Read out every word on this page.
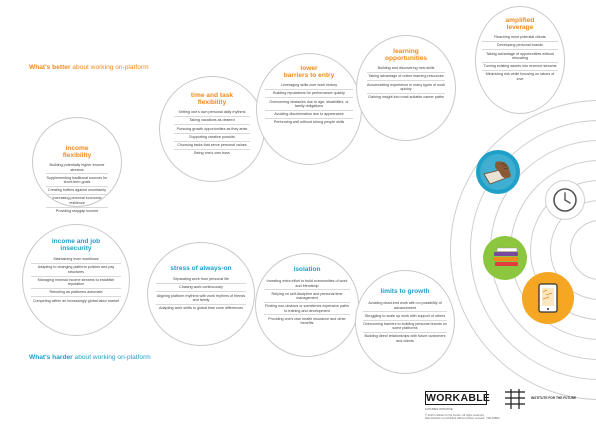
What's better about working on-platform
What's harder about working on-platform
income
flexibility
Building potentially higher income streams
Supplementing traditional sources for short-term goals
Creating buffers against uncertainty
Increasing personal economic resilience
Providing stopgap income
time and task
flexibility
Setting one's own personal daily rhythms
Taking vacations as desired
Pursuing growth opportunities as they arise
Supporting creative pursuits
Choosing tasks that serve personal values
Being one's own boss
lower
barriers to entry
Leveraging skills over work history
Building reputations for performance quickly
Overcoming obstacles due to age, disabilities, or family obligations
Avoiding discrimination due to appearance
Performing well without strong people skills
learning
opportunities
Building and discovering new skills
Taking advantage of online learning resources
Accumulating experience in many types of work quickly
Gaining insight into most suitable career paths
amplified
leverage
Reaching more potential clients
Developing personal brands
Taking advantage of opportunities without relocating
Turning existing assets into revenue streams
Minimizing risk while focusing on labors of love
income and job
insecurity
Maintaining even workflows
Adapting to changing platform policies and pay structures
Managing minimal income streams to establish reputation
Retooling as platforms automate
Competing within an increasingly global labor market
stress of always-on
Separating work from personal life
Chasing work continuously
Aligning platform rhythms with work rhythms of friends and family
Adapting work shifts to global time zone differences
isolation
Investing extra effort to build communities of work and friendship
Relying on self-discipline and personal time management
Finding non-obvious or sometimes expensive paths to training and development
Providing one's own health insurance and other benefits
limits to growth
Avoiding dead-end work with no possibility of advancement
Struggling to scale up work with support of others
Overcoming barriers to building personal brands on some platforms
Building direct relationships with future customers and clients
WORKABLE
FUTURES INITIATIVE
INSTITUTE FOR THE FUTURE
© 2016 Institute for the Future. All rights reserved.
Reproduction is prohibited without written consent. | SR-1868A
